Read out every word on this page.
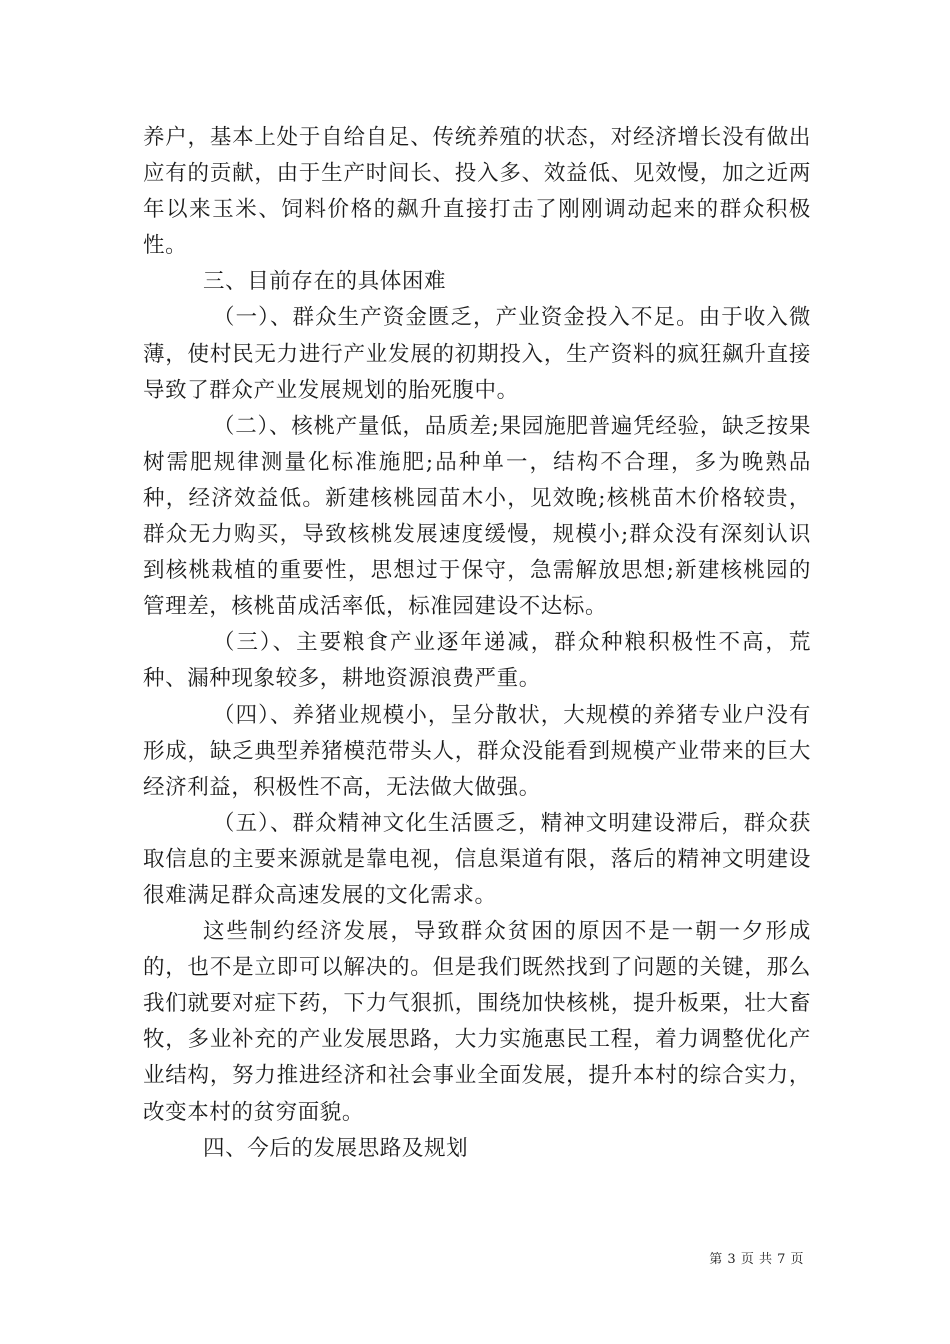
养户，基本上处于自给自足、传统养殖的状态，对经济增长没有做出应有的贡献，由于生产时间长、投入多、效益低、见效慢，加之近两年以来玉米、饲料价格的飙升直接打击了刚刚调动起来的群众积极性。

三、目前存在的具体困难

（一）、群众生产资金匮乏，产业资金投入不足。由于收入微薄，使村民无力进行产业发展的初期投入，生产资料的疯狂飙升直接导致了群众产业发展规划的胎死腹中。

（二）、核桃产量低，品质差;果园施肥普遍凭经验，缺乏按果树需肥规律测量化标准施肥;品种单一，结构不合理，多为晚熟品种，经济效益低。新建核桃园苗木小，见效晚;核桃苗木价格较贵，群众无力购买，导致核桃发展速度缓慢，规模小;群众没有深刻认识到核桃栽植的重要性，思想过于保守，急需解放思想;新建核桃园的管理差，核桃苗成活率低，标准园建设不达标。

（三）、主要粮食产业逐年递减，群众种粮积极性不高，荒种、漏种现象较多，耕地资源浪费严重。

（四）、养猪业规模小，呈分散状，大规模的养猪专业户没有形成，缺乏典型养猪模范带头人，群众没能看到规模产业带来的巨大经济利益，积极性不高，无法做大做强。

（五）、群众精神文化生活匮乏，精神文明建设滞后，群众获取信息的主要来源就是靠电视，信息渠道有限，落后的精神文明建设很难满足群众高速发展的文化需求。

这些制约经济发展，导致群众贫困的原因不是一朝一夕形成的，也不是立即可以解决的。但是我们既然找到了问题的关键，那么我们就要对症下药，下力气狠抓，围绕加快核桃，提升板栗，壮大畜牧，多业补充的产业发展思路，大力实施惠民工程，着力调整优化产业结构，努力推进经济和社会事业全面发展，提升本村的综合实力，改变本村的贫穷面貌。

四、今后的发展思路及规划

第 3 页 共 7 页
